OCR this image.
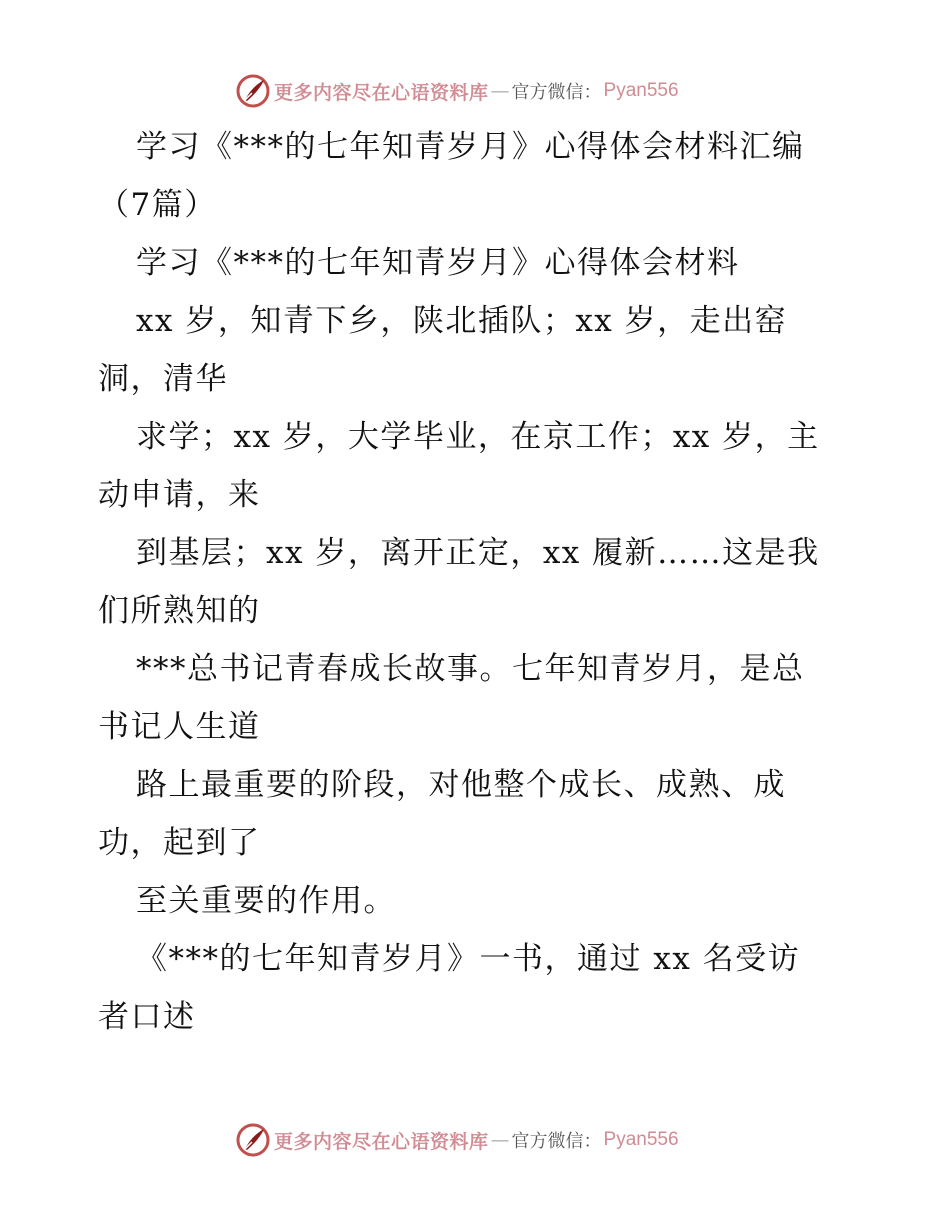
更多内容尽在心语资料库 — 官方微信： Pyan556
学习《***的七年知青岁月》心得体会材料汇编
（7篇）
学习《***的七年知青岁月》心得体会材料
xx 岁，知青下乡，陕北插队；xx 岁，走出窑
洞，清华
求学；xx 岁，大学毕业，在京工作；xx 岁，主
动申请，来
到基层；xx 岁，离开正定，xx 履新……这是我
们所熟知的
***总书记青春成长故事。七年知青岁月，是总
书记人生道
路上最重要的阶段，对他整个成长、成熟、成
功，起到了
至关重要的作用。
《***的七年知青岁月》一书，通过 xx 名受访
者口述
更多内容尽在心语资料库 — 官方微信： Pyan556
